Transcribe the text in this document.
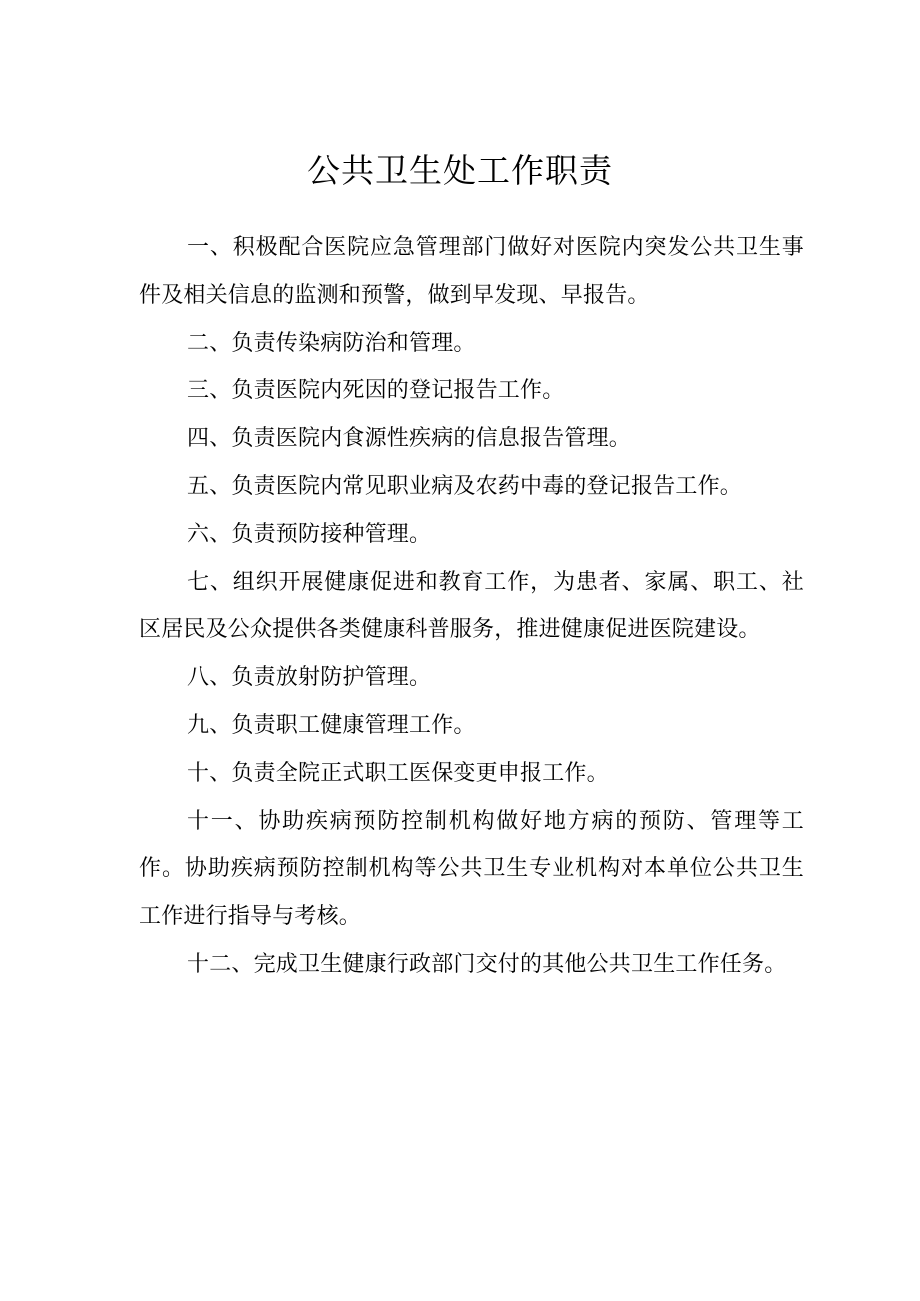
公共卫生处工作职责

一、积极配合医院应急管理部门做好对医院内突发公共卫生事件及相关信息的监测和预警，做到早发现、早报告。

二、负责传染病防治和管理。

三、负责医院内死因的登记报告工作。

四、负责医院内食源性疾病的信息报告管理。

五、负责医院内常见职业病及农药中毒的登记报告工作。

六、负责预防接种管理。

七、组织开展健康促进和教育工作，为患者、家属、职工、社区居民及公众提供各类健康科普服务，推进健康促进医院建设。

八、负责放射防护管理。

九、负责职工健康管理工作。

十、负责全院正式职工医保变更申报工作。

十一、协助疾病预防控制机构做好地方病的预防、管理等工作。协助疾病预防控制机构等公共卫生专业机构对本单位公共卫生工作进行指导与考核。

十二、完成卫生健康行政部门交付的其他公共卫生工作任务。
